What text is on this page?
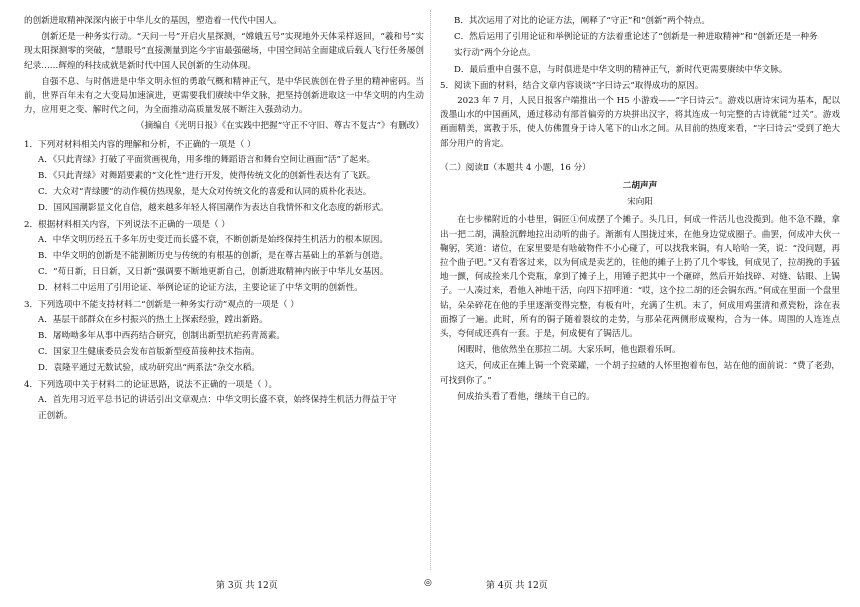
的创新进取精神深深内嵌于中华儿女的基因，塑造着一代代中国人。

创新还是一种务实行动。“天问一号”开启火星探测，“嫦娥五号”实现地外天体采样返回，“羲和号”实现太阳探测零的突破，“慧眼号”直接测量到迄今宇宙最强磁场，中国空间站全面建成后载人飞行任务屡创纪录……辉煌的科技成就是新时代中国人民创新的生动体现。

自强不息、与时偕进是中华文明永恒的勇敢气概和精神正气，是中华民族创在骨子里的精神密码。当前，世界百年未有之大变局加速演进，更需要我们赓续中华文脉，把坚持创新进取这一中华文明的内生动力，应用更之变、解时代之问，为全面推动高质量发展不断注入强劲动力。

（摘编自《光明日报》《在实践中把握“守正不守旧、尊古不复古”》有删改）

1．下列对材料相关内容的理解和分析，不正确的一项是（ ）

A．《只此青绿》打破了平面赏画视角，用多维的舞蹈语言和舞台空间让画面“活”了起来。

B．《只此青绿》对舞蹈要素的“文化性”进行开发，使得传统文化的创新性表达有了飞跃。

C．大众对“青绿腰”的动作模仿热现象，是大众对传统文化的喜爱和认同的质朴化表达。

D．国风国潮影显文化自信，越来越多年轻人将国潮作为表达自我情怀和文化态度的新形式。

2．根据材料相关内容，下列说法不正确的一项是（ ）

A．中华文明历经五千多年历史变迁而长盛不衰，不断创新是始终保持生机活力的根本原因。

B．中华文明的创新是不能割断历史与传统的有根基的创新，是在尊古基础上的革新与创造。

C．“苟日新，日日新，又日新”强调要不断地更新自己，创新进取精神内嵌于中华儿女基因。

D．材料二中运用了引用论证、举例论证的论证方法，主要论证了中华文明的创新性。

3．下列选项中不能支持材料二“创新是一种务实行动”观点的一项是（ ）

A．基层干部群众在乡村振兴的热土上探索经验，蹚出新路。

B．屠呦呦多年从事中西药结合研究，创制出新型抗疟药青蒿素。

C．国家卫生健康委员会发布首版新型疫苗接种技术指南。

D．袁隆平通过无数试验，成功研究出“两系法”杂交水稻。

4．下列选项中关于材料二的论证思路，说法不正确的一项是（ ）。

A．首先用习近平总书记的讲话引出文章观点：中华文明长盛不衰，始终保持生机活力得益于守

正创新。

B．其次运用了对比的论证方法，阐释了“守正”和“创新”两个特点。

C．然后运用了引用论证和举例论证的方法着重论述了“创新是一种进取精神”和“创新还是一种务

实行动”两个分论点。

D．最后重申自强不息，与时俱进是中华文明的精神正气，新时代更需要赓续中华文脉。

5．阅读下面的材料，结合文章内容谈谈“字曰诗云”取得成功的原因。

2023 年 7 月，人民日报客户端推出一个 H5 小游戏——“字曰诗云”。游戏以唐诗宋词为基本，配以泼墨山水的中国画风，通过移动有部首偏旁的方块拼出汉字，将其连成一句完整的古诗就能“过关”。游戏画面精美，寓教于乐，使人仿佛置身于诗人笔下的山水之间。从目前的热度来看，“字曰诗云”受到了绝大部分用户的肯定。

（二）阅读Ⅱ（本题共 4 小题，16 分）

二胡声声

宋向阳

在七步梯附近的小巷里，锔匠①何成摆了个摊子。头几日，何成一件活儿也没揽到。他不急不躁，拿出一把二胡，满脸沉醉地拉出动听的曲子。渐渐有人围拢过来，在他身边觉成圈子。曲罢，何成冲大伙一鞠躬，笑道：诸位，在家里要是有啥破物件不小心碰了，可以找我来锔，有人哈哈一笑，说：“没问题，再拉个曲子吧。”又有看客过来，以为何成是卖艺的，往他的摊子上扔了几个零钱，何成见了，拉胡挽的手猛地一颤，何成捡来几个瓷瓶，拿到了摊子上，用锤子把其中一个砸碎，然后开始找碎、对缝、钻眼、上锔子。一人凑过来，看他入神地干活，向四下招呼道：“哎，这个拉二胡的还会锔东西。”何成在里面一个盘里钻，朵朵碎花在他的手里逐渐变得完整，有板有叶，充满了生机。末了，何成用鸡蛋清和煮瓷粉，涂在表面擦了一遍。此时，所有的锔子随着裂纹的走势，与那朵花两侧形成聚构，合为一体。周围的人连连点头，夸何成还真有一套。于是，何成便有了锔活儿。

闲暇时，他依然坐在那拉二胡。大家乐呵，他也跟着乐呵。

这天，何成正在摊上锔一个瓷菜罐，一个胡子拉碴的人怀里抱着布包，站在他的面前说：“费了老劲，可找到你了。”

何成抬头看了看他，继续干自己的。

第 3页 共 12页	◎	第 4页 共 12页
